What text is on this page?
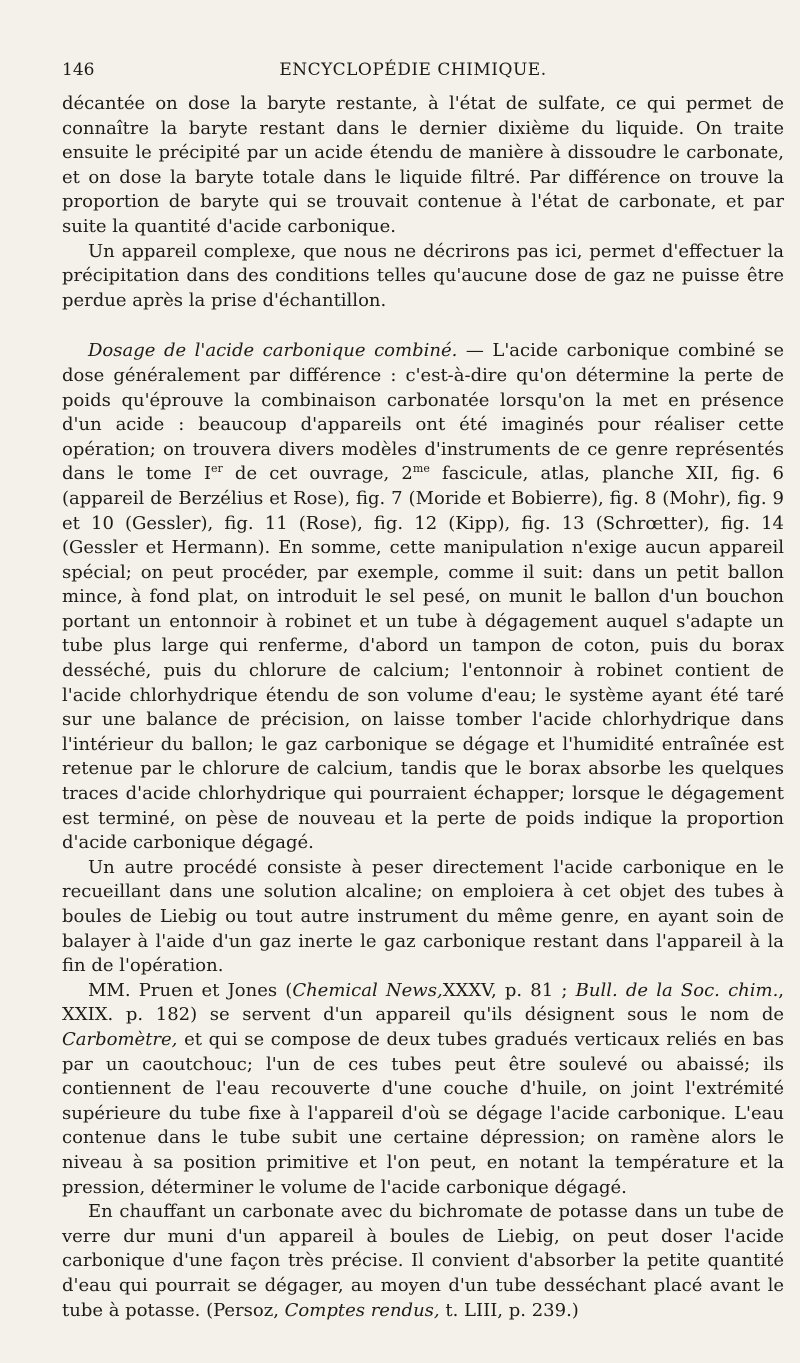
146	ENCYCLOPÉDIE CHIMIQUE.

décantée on dose la baryte restante, à l'état de sulfate, ce qui permet de connaître la baryte restant dans le dernier dixième du liquide. On traite ensuite le précipité par un acide étendu de manière à dissoudre le carbonate, et on dose la baryte totale dans le liquide filtré. Par différence on trouve la proportion de baryte qui se trouvait contenue à l'état de carbonate, et par suite la quantité d'acide carbonique.

Un appareil complexe, que nous ne décrirons pas ici, permet d'effectuer la précipitation dans des conditions telles qu'aucune dose de gaz ne puisse être perdue après la prise d'échantillon.

Dosage de l'acide carbonique combiné. — L'acide carbonique combiné se dose généralement par différence : c'est-à-dire qu'on détermine la perte de poids qu'éprouve la combinaison carbonatée lorsqu'on la met en présence d'un acide : beaucoup d'appareils ont été imaginés pour réaliser cette opération; on trouvera divers modèles d'instruments de ce genre représentés dans le tome Ier de cet ouvrage, $2^{me}$ fascicule, atlas, planche XII, fig. 6 (appareil de Berzélius et Rose), fig. 7 (Moride et Bobierre), fig. 8 (Mohr), fig. 9 et 10 (Gessler), fig. 11 (Rose), fig. 12 (Kipp), fig. 13 (Schrœtter), fig. 14 (Gessler et Hermann). En somme, cette manipulation n'exige aucun appareil spécial; on peut procéder, par exemple, comme il suit: dans un petit ballon mince, à fond plat, on introduit le sel pesé, on munit le ballon d'un bouchon portant un entonnoir à robinet et un tube à dégagement auquel s'adapte un tube plus large qui renferme, d'abord un tampon de coton, puis du borax desséché, puis du chlorure de calcium; l'entonnoir à robinet contient de l'acide chlorhydrique étendu de son volume d'eau; le système ayant été taré sur une balance de précision, on laisse tomber l'acide chlorhydrique dans l'intérieur du ballon; le gaz carbonique se dégage et l'humidité entraînée est retenue par le chlorure de calcium, tandis que le borax absorbe les quelques traces d'acide chlorhydrique qui pourraient échapper; lorsque le dégagement est terminé, on pèse de nouveau et la perte de poids indique la proportion d'acide carbonique dégagé.

Un autre procédé consiste à peser directement l'acide carbonique en le recueillant dans une solution alcaline; on emploiera à cet objet des tubes à boules de Liebig ou tout autre instrument du même genre, en ayant soin de balayer à l'aide d'un gaz inerte le gaz carbonique restant dans l'appareil à la fin de l'opération.

MM. Pruen et Jones (Chemical News,XXXV, p. 81 ; Bull. de la Soc. chim., XXIX. p. 182) se servent d'un appareil qu'ils désignent sous le nom de Carbomètre, et qui se compose de deux tubes gradués verticaux reliés en bas par un caoutchouc; l'un de ces tubes peut être soulevé ou abaissé; ils contiennent de l'eau recouverte d'une couche d'huile, on joint l'extrémité supérieure du tube fixe à l'appareil d'où se dégage l'acide carbonique. L'eau contenue dans le tube subit une certaine dépression; on ramène alors le niveau à sa position primitive et l'on peut, en notant la température et la pression, déterminer le volume de l'acide carbonique dégagé.

En chauffant un carbonate avec du bichromate de potasse dans un tube de verre dur muni d'un appareil à boules de Liebig, on peut doser l'acide carbonique d'une façon très précise. Il convient d'absorber la petite quantité d'eau qui pourrait se dégager, au moyen d'un tube desséchant placé avant le tube à potasse. (Persoz, Comptes rendus, t. LIII, p. 239.)
